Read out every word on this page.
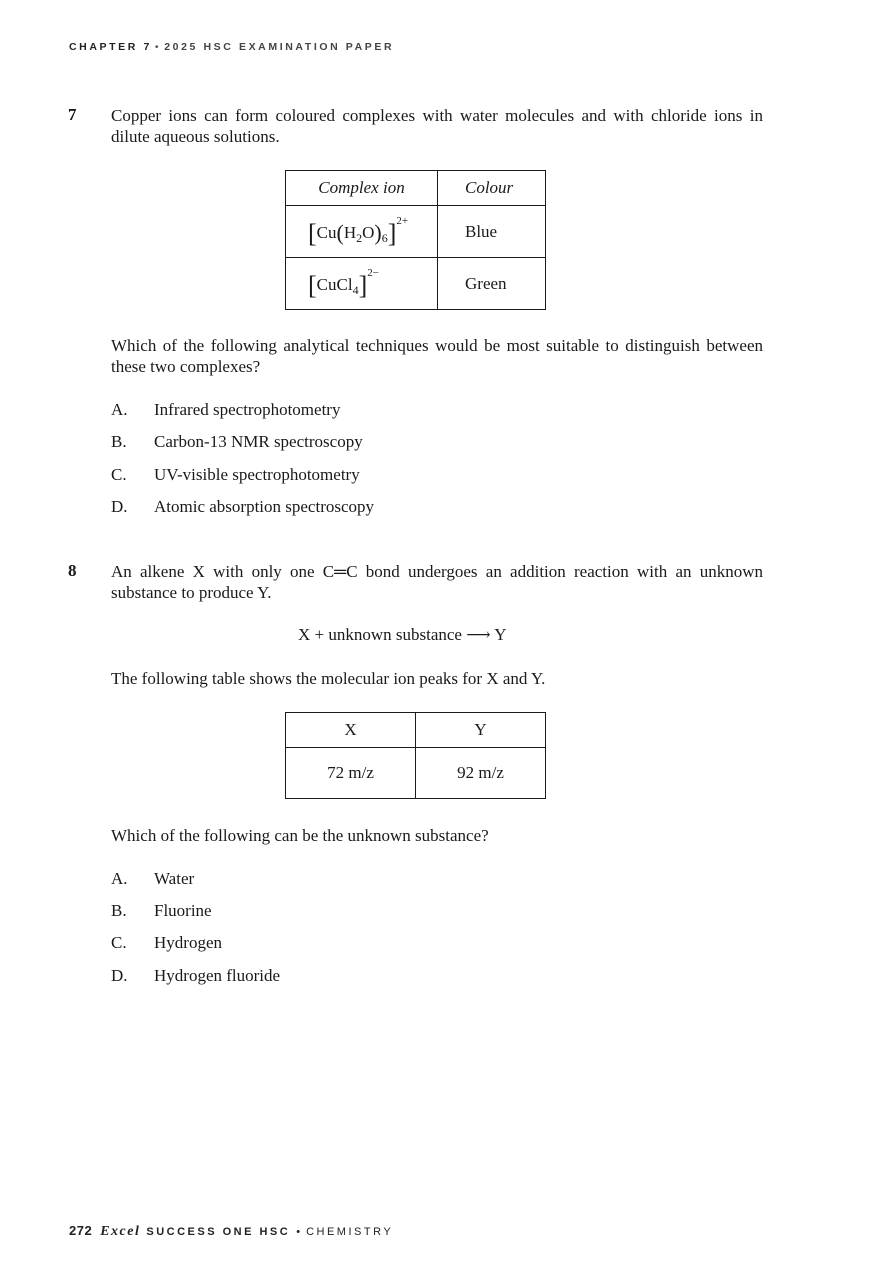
CHAPTER 7 • 2025 HSC EXAMINATION PAPER
7 Copper ions can form coloured complexes with water molecules and with chloride ions in dilute aqueous solutions.
Complex ion	Colour
$[Cu(H_2O)_6]^{2+}$	Blue
[CuCl$_4$]$^{2-}$	Green
Which of the following analytical techniques would be most suitable to distinguish between these two complexes?
A. Infrared spectrophotometry
B. Carbon-13 NMR spectroscopy
C. UV-visible spectrophotometry
D. Atomic absorption spectroscopy
8 An alkene X with only one C═C bond undergoes an addition reaction with an unknown substance to produce Y.
X + unknown substance ⟶ Y
The following table shows the molecular ion peaks for X and Y.
X	Y
72 m/z	92 m/z
Which of the following can be the unknown substance?
A. Water
B. Fluorine
C. Hydrogen
D. Hydrogen fluoride
272 Excel SUCCESS ONE HSC • CHEMISTRY
